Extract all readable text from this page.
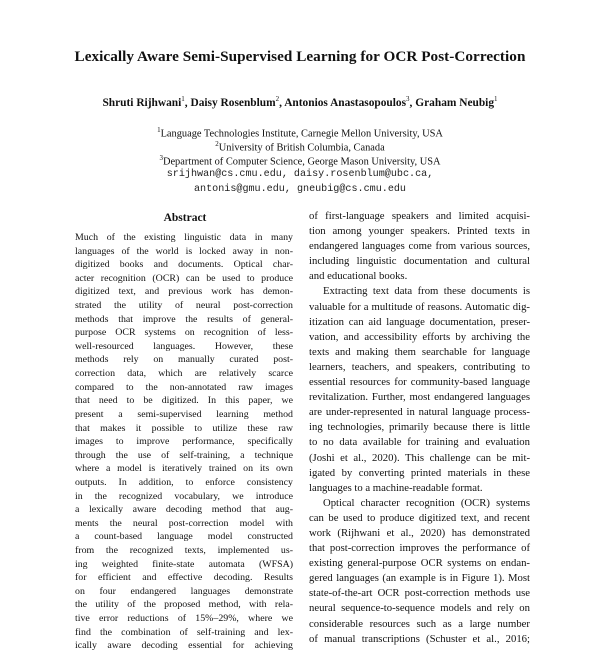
Lexically Aware Semi-Supervised Learning for OCR Post-Correction
Shruti Rijhwani$^1$, Daisy Rosenblum$^2$, Antonios Anastasopoulos$^3$, Graham Neubig$^1$
$^1$Language Technologies Institute, Carnegie Mellon University, USA
$^2$University of British Columbia, Canada
$^3$Department of Computer Science, George Mason University, USA
srijhwan@cs.cmu.edu, daisy.rosenblum@ubc.ca,
antonis@gmu.edu, gneubig@cs.cmu.edu
Abstract
Much of the existing linguistic data in many
languages of the world is locked away in non-
digitized books and documents. Optical char-
acter recognition (OCR) can be used to produce
digitized text, and previous work has demon-
strated the utility of neural post-correction
methods that improve the results of general-
purpose OCR systems on recognition of less-
well-resourced languages. However, these
methods rely on manually curated post-
correction data, which are relatively scarce
compared to the non-annotated raw images
that need to be digitized. In this paper, we
present a semi-supervised learning method
that makes it possible to utilize these raw
images to improve performance, specifically
through the use of self-training, a technique
where a model is iteratively trained on its own
outputs. In addition, to enforce consistency
in the recognized vocabulary, we introduce
a lexically aware decoding method that aug-
ments the neural post-correction model with
a count-based language model constructed
from the recognized texts, implemented us-
ing weighted finite-state automata (WFSA)
for efficient and effective decoding. Results
on four endangered languages demonstrate
the utility of the proposed method, with rela-
tive error reductions of 15%–29%, where we
find the combination of self-training and lex-
ically aware decoding essential for achieving
of first-language speakers and limited acquisi-
tion among younger speakers. Printed texts in
endangered languages come from various sources,
including linguistic documentation and cultural
and educational books.
Extracting text data from these documents is
valuable for a multitude of reasons. Automatic dig-
itization can aid language documentation, preser-
vation, and accessibility efforts by archiving the
texts and making them searchable for language
learners, teachers, and speakers, contributing to
essential resources for community-based language
revitalization. Further, most endangered languages
are under-represented in natural language process-
ing technologies, primarily because there is little
to no data available for training and evaluation
(Joshi et al., 2020). This challenge can be mit-
igated by converting printed materials in these
languages to a machine-readable format.
Optical character recognition (OCR) systems
can be used to produce digitized text, and recent
work (Rijhwani et al., 2020) has demonstrated
that post-correction improves the performance of
existing general-purpose OCR systems on endan-
gered languages (an example is in Figure 1). Most
state-of-the-art OCR post-correction methods use
neural sequence-to-sequence models and rely on
considerable resources such as a large number
of manual transcriptions (Schuster et al., 2016;
